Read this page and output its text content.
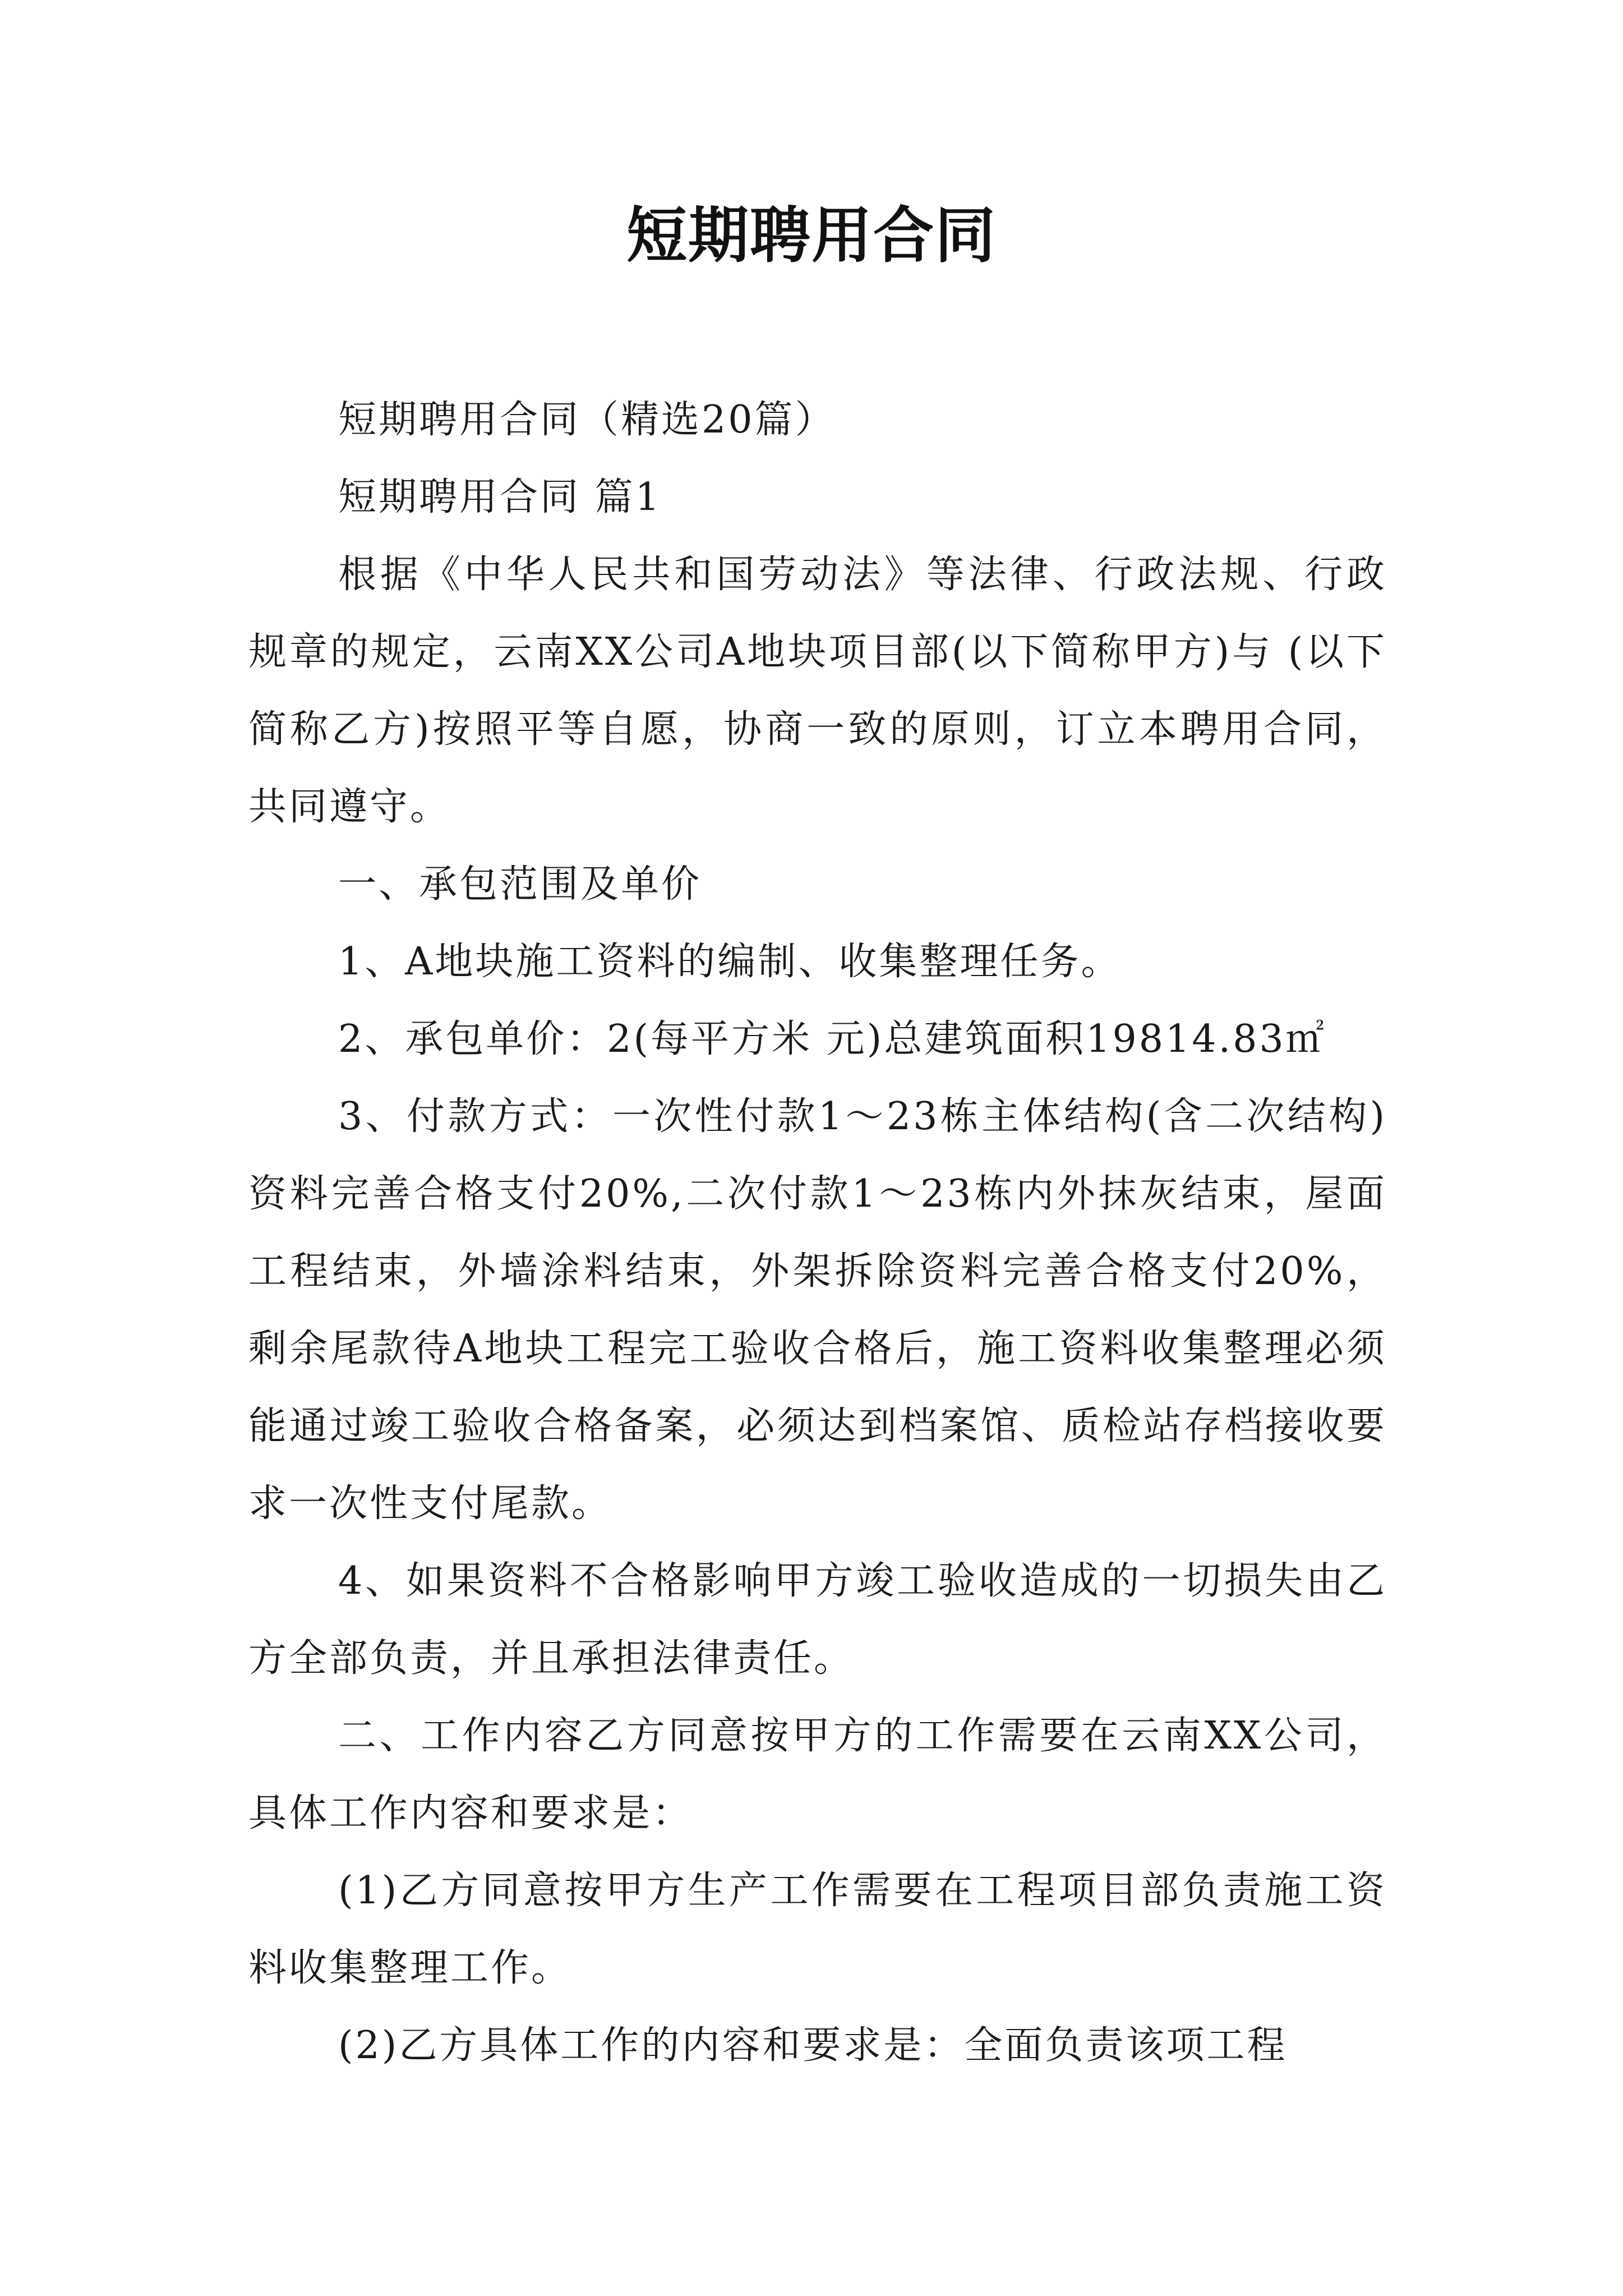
短期聘用合同

短期聘用合同（精选20篇）

短期聘用合同 篇1

根据《中华人民共和国劳动法》等法律、行政法规、行政规章的规定，云南XX公司A地块项目部(以下简称甲方)与 (以下简称乙方)按照平等自愿，协商一致的原则，订立本聘用合同，共同遵守。

一、承包范围及单价

1、A地块施工资料的编制、收集整理任务。

2、承包单价：2(每平方米 元)总建筑面积19814.83㎡

3、付款方式：一次性付款1～23栋主体结构(含二次结构)资料完善合格支付20%,二次付款1～23栋内外抹灰结束，屋面工程结束，外墙涂料结束，外架拆除资料完善合格支付20%，剩余尾款待A地块工程完工验收合格后，施工资料收集整理必须能通过竣工验收合格备案，必须达到档案馆、质检站存档接收要求一次性支付尾款。

4、如果资料不合格影响甲方竣工验收造成的一切损失由乙方全部负责，并且承担法律责任。

二、工作内容乙方同意按甲方的工作需要在云南XX公司，具体工作内容和要求是：

(1)乙方同意按甲方生产工作需要在工程项目部负责施工资料收集整理工作。

(2)乙方具体工作的内容和要求是：全面负责该项工程
